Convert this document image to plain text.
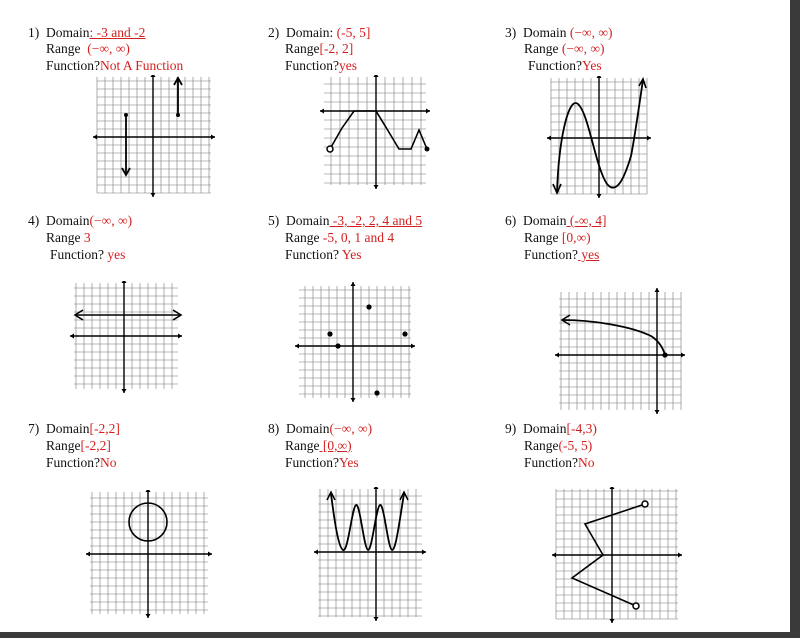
1) Domain: -3 and -2
Range  (−∞, ∞)
Function?Not A Function
2) Domain: (-5, 5]
Range[-2, 2]
Function?yes
3) Domain (−∞, ∞)
Range (−∞, ∞)
Function?Yes
4) Domain(−∞, ∞)
Range 3
Function? yes
5) Domain -3, -2, 2, 4 and 5
Range -5, 0, 1 and 4
Function? Yes
6) Domain (-∞, 4]
Range [0,∞)
Function? yes
7) Domain[-2,2]
Range[-2,2]
Function?No
8) Domain(−∞, ∞)
Range [0,∞)
Function?Yes
9) Domain[-4,3)
Range(-5, 5)
Function?No
